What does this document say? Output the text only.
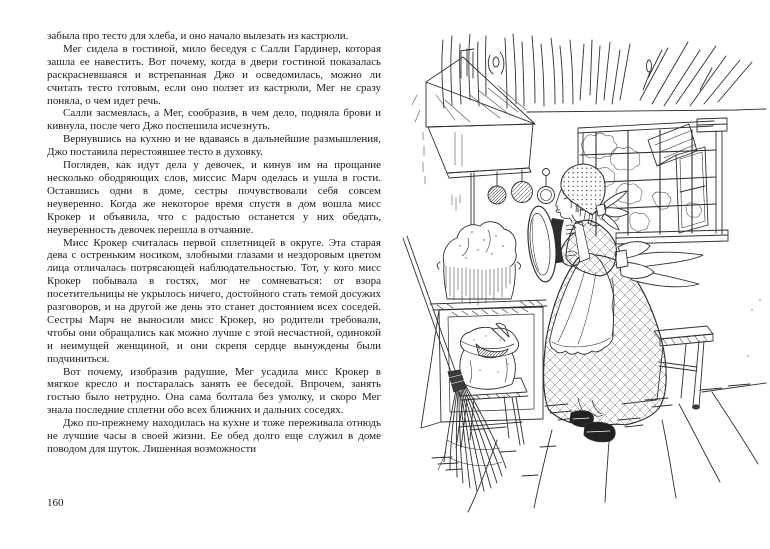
забыла про тесто для хлеба, и оно начало вылезать из кастрюли.

Мег сидела в гостиной, мило беседуя с Салли Гардинер, которая зашла ее навестить. Вот почему, когда в двери гостиной показалась раскрасневшаяся и встрепанная Джо и осведомилась, можно ли считать тесто готовым, если оно ползет из кастрюли, Мег не сразу поняла, о чем идет речь.

Салли засмеялась, а Мег, сообразив, в чем дело, подняла брови и кивнула, после чего Джо поспешила исчезнуть.

Вернувшись на кухню и не вдаваясь в дальнейшие размышления, Джо поставила перестоявшее тесто в духовку.

Поглядев, как идут дела у девочек, и кинув им на прощание несколько ободряющих слов, миссис Марч оделась и ушла в гости. Оставшись одни в доме, сестры почувствовали себя совсем неуверенно. Когда же некоторое время спустя в дом вошла мисс Крокер и объявила, что с радостью останется у них обедать, неуверенность девочек перешла в отчаяние.

Мисс Крокер считалась первой сплетницей в округе. Эта старая дева с остреньким носиком, злобными глазами и нездоровым цветом лица отличалась потрясающей наблюдательностью. Тот, у кого мисс Крокер побывала в гостях, мог не сомневаться: от взора посетительницы не укрылось ничего, достойного стать темой досужих разговоров, и на другой же день это станет достоянием всех соседей. Сестры Марч не выносили мисс Крокер, но родители требовали, чтобы они обращались как можно лучше с этой несчастной, одинокой и неимущей женщиной, и они скрепя сердце вынуждены были подчиниться.

Вот почему, изобразив радушие, Мег усадила мисс Крокер в мягкое кресло и постаралась занять ее беседой. Впрочем, занять гостью было нетрудно. Она сама болтала без умолку, и скоро Мег знала последние сплетни обо всех ближних и дальних соседях.

Джо по-прежнему находилась на кухне и тоже переживала отнюдь не лучшие часы в своей жизни. Ее обед долго еще служил в доме поводом для шуток. Лишенная возможности

160
